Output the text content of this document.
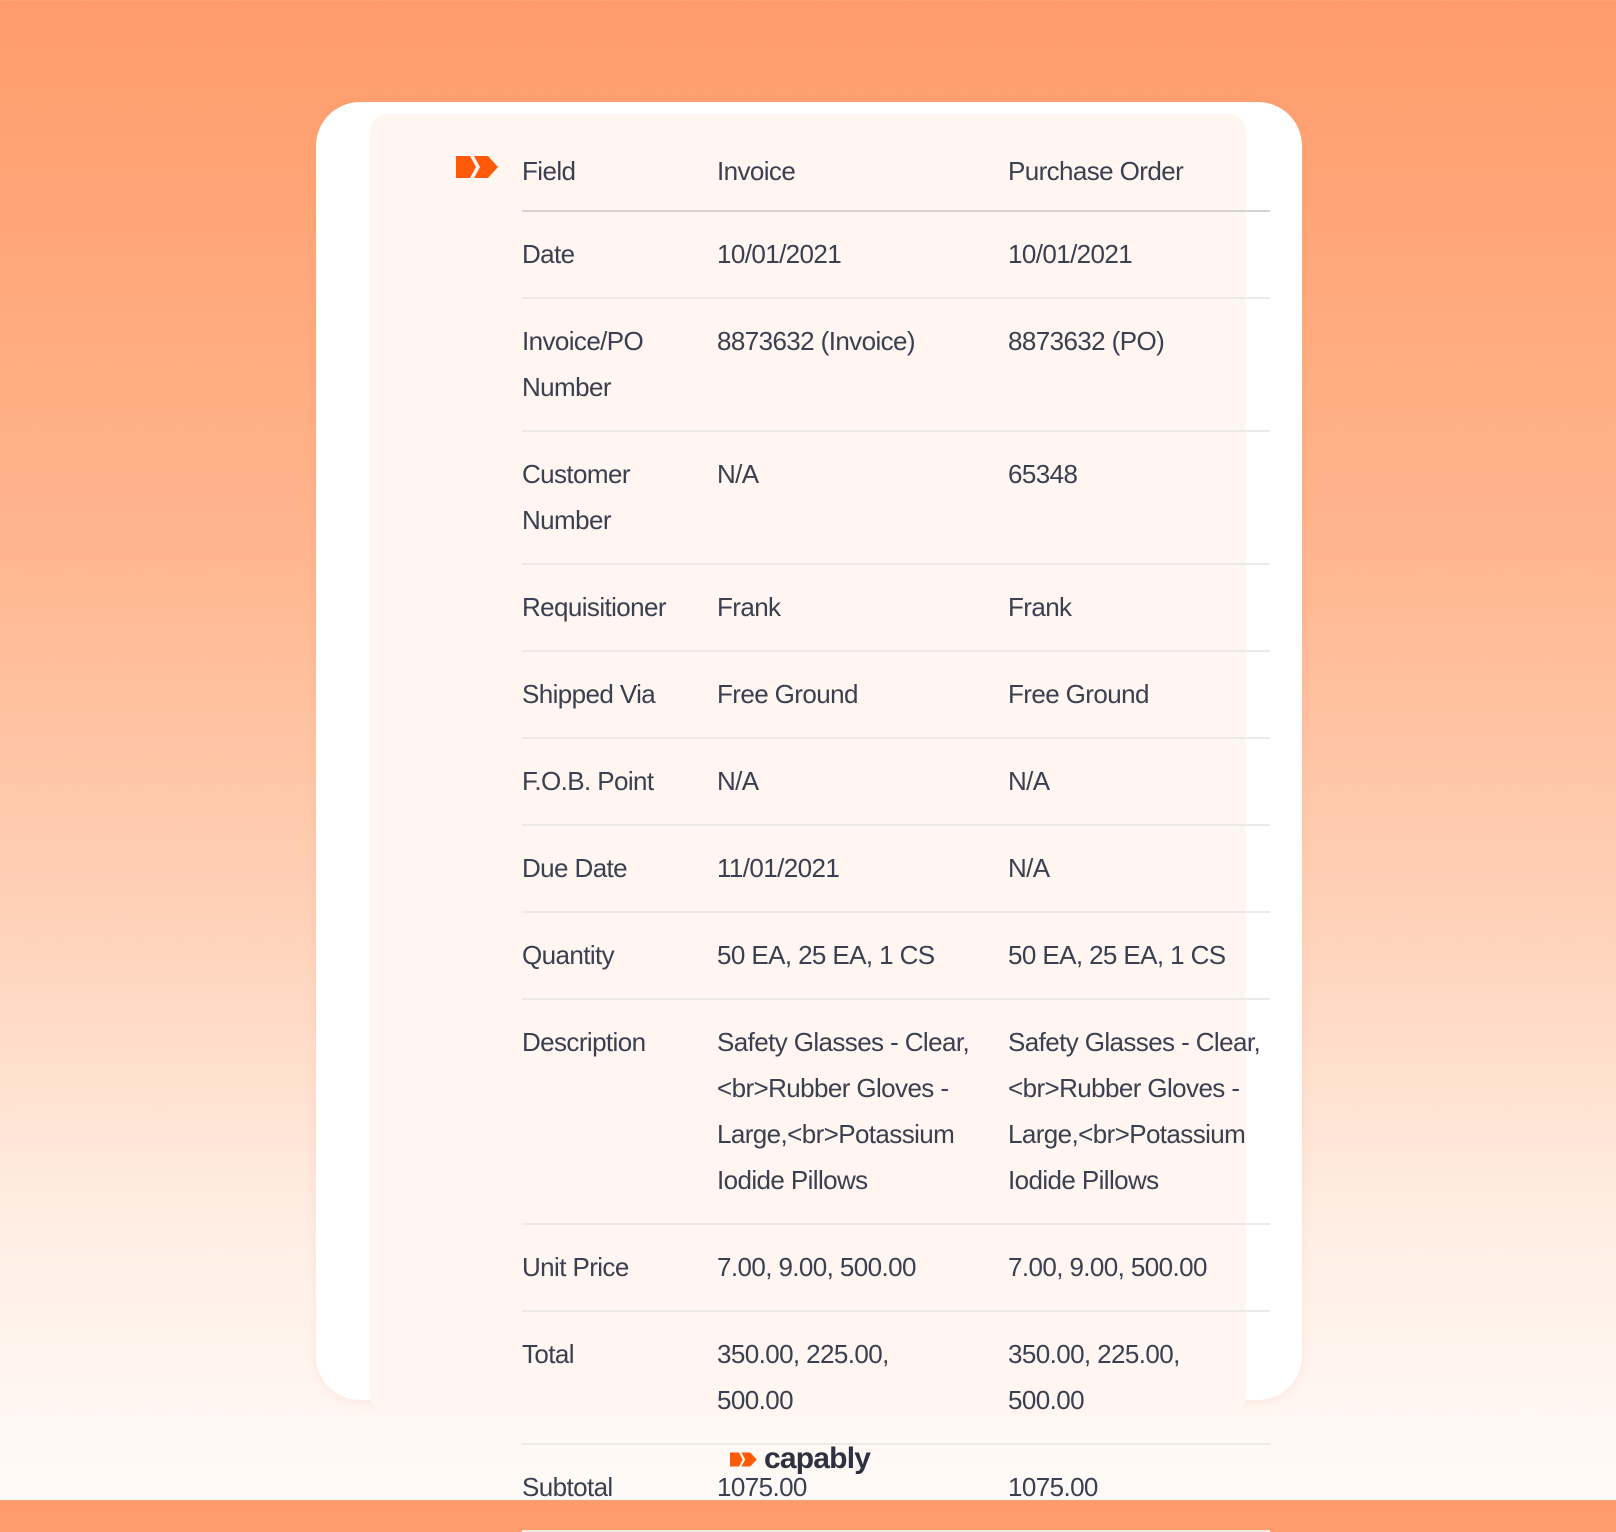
Field	Invoice	Purchase Order
Date	10/01/2021	10/01/2021
Invoice/PO Number	8873632 (Invoice)	8873632 (PO)
Customer Number	N/A	65348
Requisitioner	Frank	Frank
Shipped Via	Free Ground	Free Ground
F.O.B. Point	N/A	N/A
Due Date	11/01/2021	N/A
Quantity	50 EA, 25 EA, 1 CS	50 EA, 25 EA, 1 CS
Description	Safety Glasses - Clear, <br>Rubber Gloves - Large,<br>Potassium Iodide Pillows	Safety Glasses - Clear, <br>Rubber Gloves - Large,<br>Potassium Iodide Pillows
Unit Price	7.00, 9.00, 500.00	7.00, 9.00, 500.00
Total	350.00, 225.00, 500.00	350.00, 225.00, 500.00
Subtotal	1075.00	1075.00
capably
